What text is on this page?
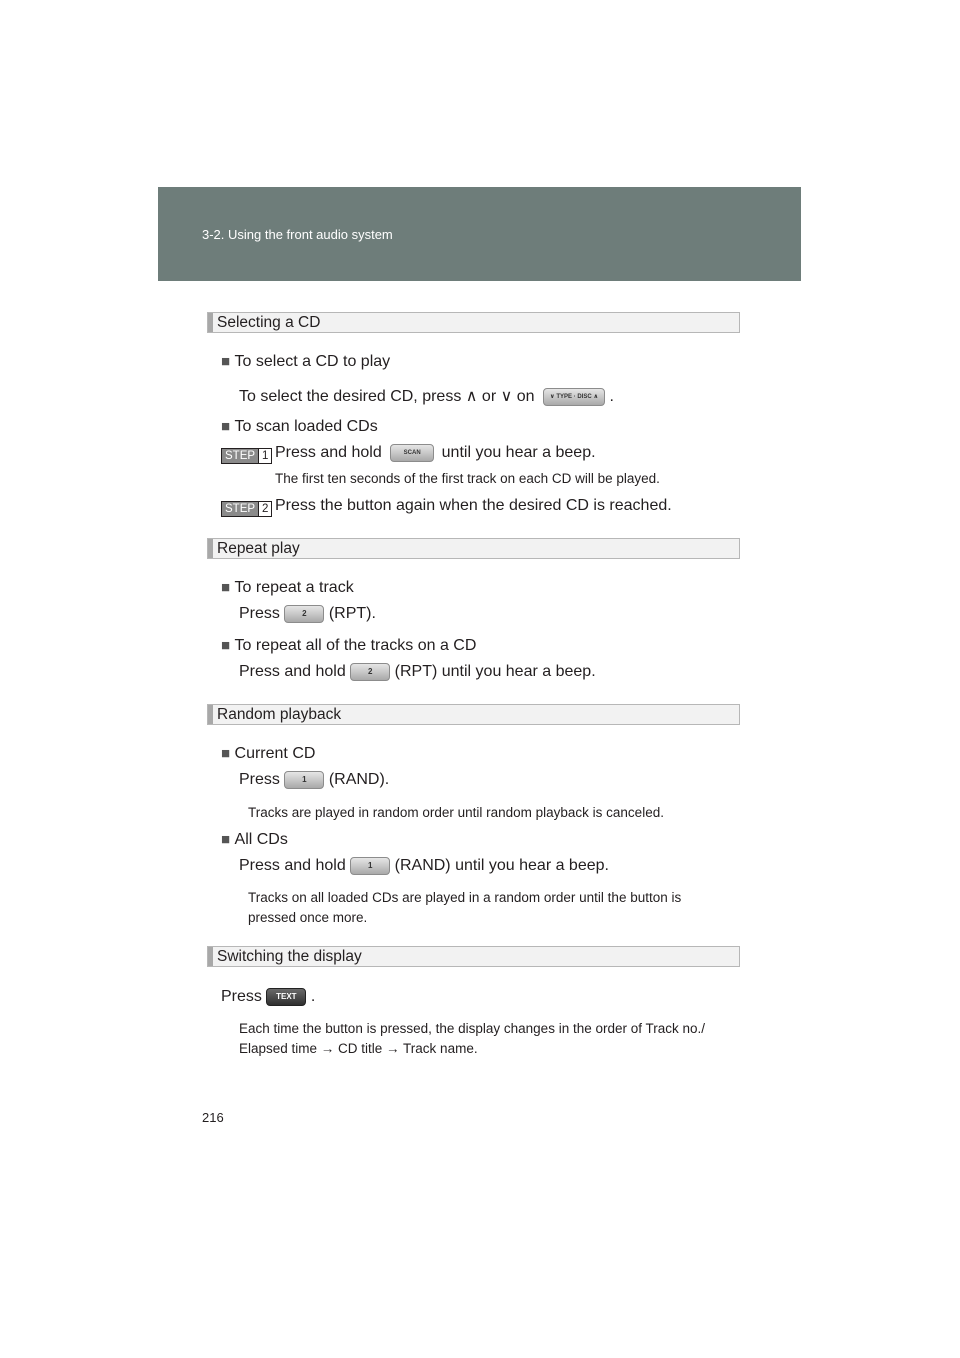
3-2. Using the front audio system
Selecting a CD
■ To select a CD to play
To select the desired CD, press ∧ or ∨ on	∨ TYPE · DISC ∧ .
■ To scan loaded CDs
STEP 1 Press and hold	SCAN until you hear a beep.
The first ten seconds of the first track on each CD will be played.
STEP 2 Press the button again when the desired CD is reached.
Repeat play
■ To repeat a track
Press	2 (RPT).
■ To repeat all of the tracks on a CD
Press and hold	2 (RPT) until you hear a beep.
Random playback
■ Current CD
Press	1 (RAND).
Tracks are played in random order until random playback is canceled.
■ All CDs
Press and hold	1 (RAND) until you hear a beep.
Tracks on all loaded CDs are played in a random order until the button is
pressed once more.
Switching the display
Press TEXT .
Each time the button is pressed, the display changes in the order of Track no./
Elapsed time → CD title → Track name.
216
